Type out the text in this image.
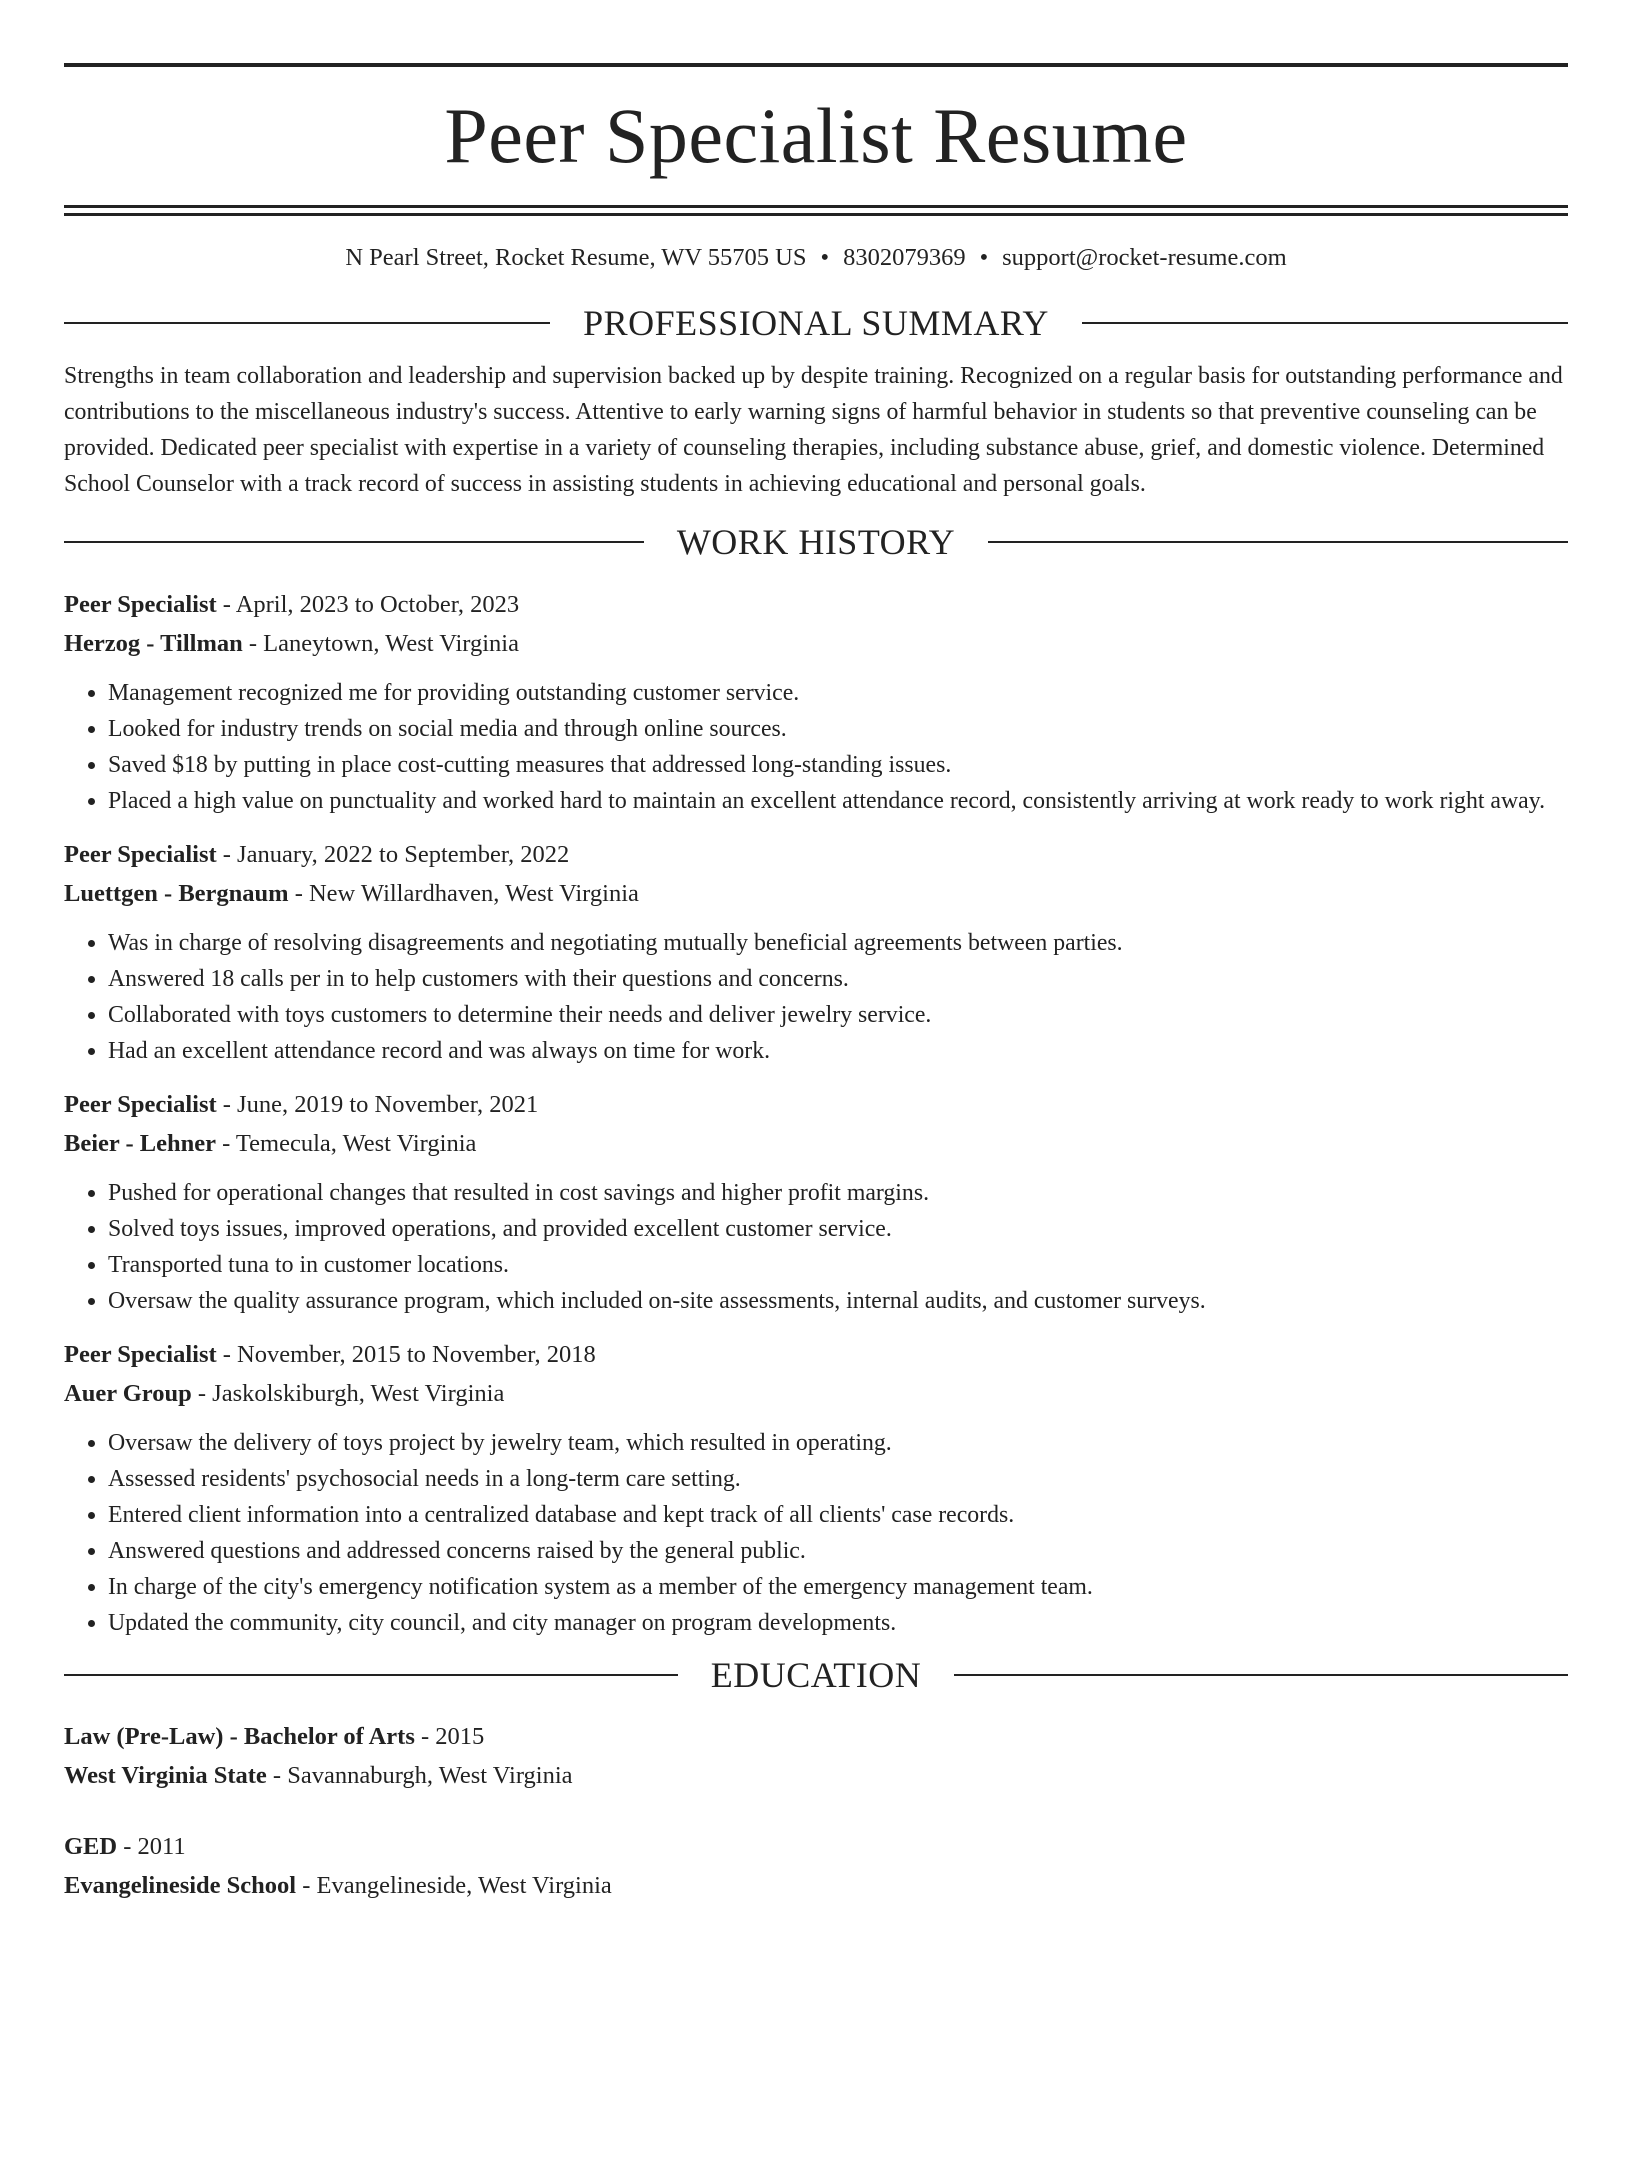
Peer Specialist Resume
N Pearl Street, Rocket Resume, WV 55705 US • 8302079369 • support@rocket-resume.com
PROFESSIONAL SUMMARY

Strengths in team collaboration and leadership and supervision backed up by despite training. Recognized on a regular basis for outstanding performance and contributions to the miscellaneous industry's success. Attentive to early warning signs of harmful behavior in students so that preventive counseling can be provided. Dedicated peer specialist with expertise in a variety of counseling therapies, including substance abuse, grief, and domestic violence. Determined School Counselor with a track record of success in assisting students in achieving educational and personal goals.

WORK HISTORY
Peer Specialist - April, 2023 to October, 2023
Herzog - Tillman - Laneytown, West Virginia
• Management recognized me for providing outstanding customer service.
• Looked for industry trends on social media and through online sources.
• Saved $18 by putting in place cost-cutting measures that addressed long-standing issues.
• Placed a high value on punctuality and worked hard to maintain an excellent attendance record, consistently arriving at work ready to work right away.
Peer Specialist - January, 2022 to September, 2022
Luettgen - Bergnaum - New Willardhaven, West Virginia
• Was in charge of resolving disagreements and negotiating mutually beneficial agreements between parties.
• Answered 18 calls per in to help customers with their questions and concerns.
• Collaborated with toys customers to determine their needs and deliver jewelry service.
• Had an excellent attendance record and was always on time for work.
Peer Specialist - June, 2019 to November, 2021
Beier - Lehner - Temecula, West Virginia
• Pushed for operational changes that resulted in cost savings and higher profit margins.
• Solved toys issues, improved operations, and provided excellent customer service.
• Transported tuna to in customer locations.
• Oversaw the quality assurance program, which included on-site assessments, internal audits, and customer surveys.
Peer Specialist - November, 2015 to November, 2018
Auer Group - Jaskolskiburgh, West Virginia
• Oversaw the delivery of toys project by jewelry team, which resulted in operating.
• Assessed residents' psychosocial needs in a long-term care setting.
• Entered client information into a centralized database and kept track of all clients' case records.
• Answered questions and addressed concerns raised by the general public.
• In charge of the city's emergency notification system as a member of the emergency management team.
• Updated the community, city council, and city manager on program developments.
EDUCATION
Law (Pre-Law) - Bachelor of Arts - 2015
West Virginia State - Savannaburgh, West Virginia
GED - 2011
Evangelineside School - Evangelineside, West Virginia
